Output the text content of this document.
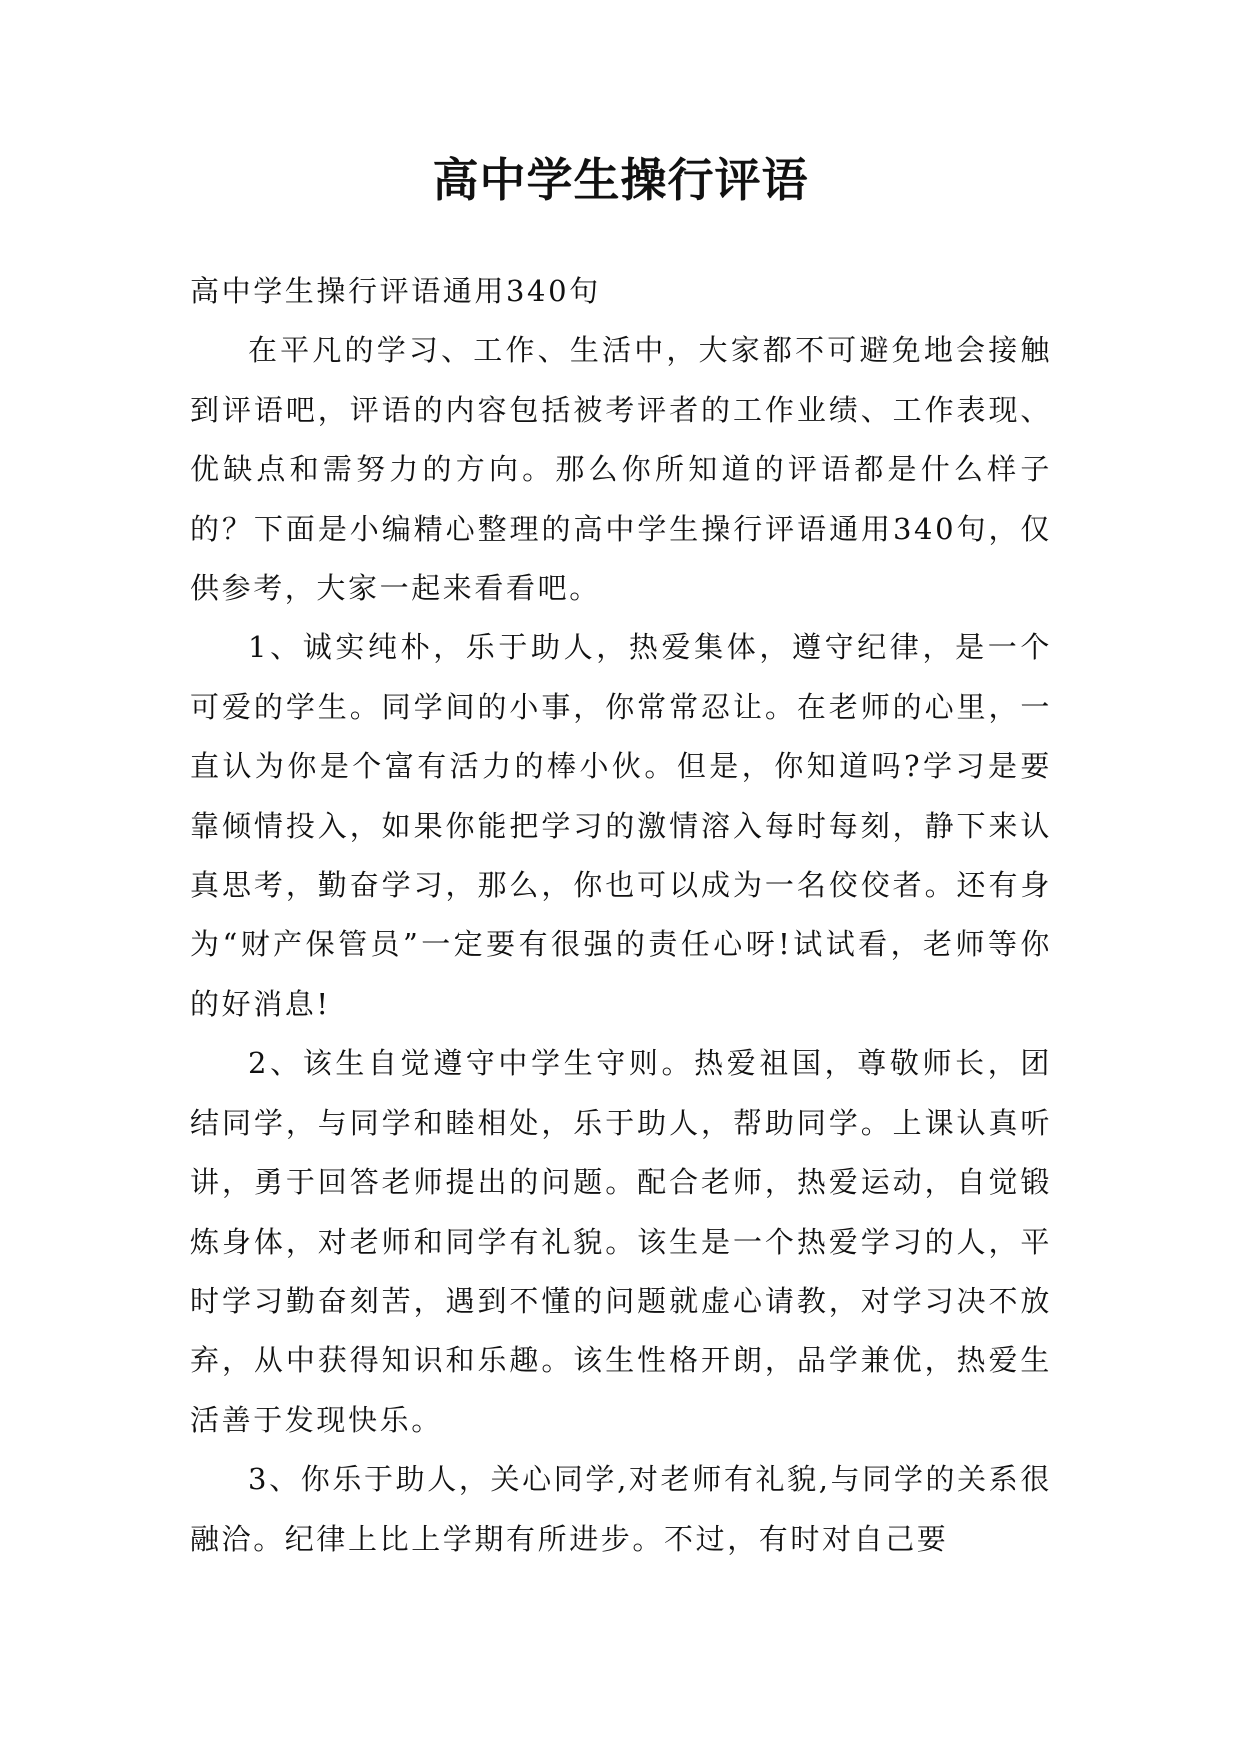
高中学生操行评语

高中学生操行评语通用340句

在平凡的学习、工作、生活中，大家都不可避免地会接触到评语吧，评语的内容包括被考评者的工作业绩、工作表现、优缺点和需努力的方向。那么你所知道的评语都是什么样子的？下面是小编精心整理的高中学生操行评语通用340句，仅供参考，大家一起来看看吧。

1、诚实纯朴，乐于助人，热爱集体，遵守纪律，是一个可爱的学生。同学间的小事，你常常忍让。在老师的心里，一直认为你是个富有活力的棒小伙。但是，你知道吗?学习是要靠倾情投入，如果你能把学习的激情溶入每时每刻，静下来认真思考，勤奋学习，那么，你也可以成为一名佼佼者。还有身为“财产保管员”一定要有很强的责任心呀!试试看，老师等你的好消息!

2、该生自觉遵守中学生守则。热爱祖国，尊敬师长，团结同学，与同学和睦相处，乐于助人，帮助同学。上课认真听讲，勇于回答老师提出的问题。配合老师，热爱运动，自觉锻炼身体，对老师和同学有礼貌。该生是一个热爱学习的人，平时学习勤奋刻苦，遇到不懂的问题就虚心请教，对学习决不放弃，从中获得知识和乐趣。该生性格开朗，品学兼优，热爱生活善于发现快乐。

3、你乐于助人，关心同学,对老师有礼貌,与同学的关系很融洽。纪律上比上学期有所进步。不过，有时对自己要
